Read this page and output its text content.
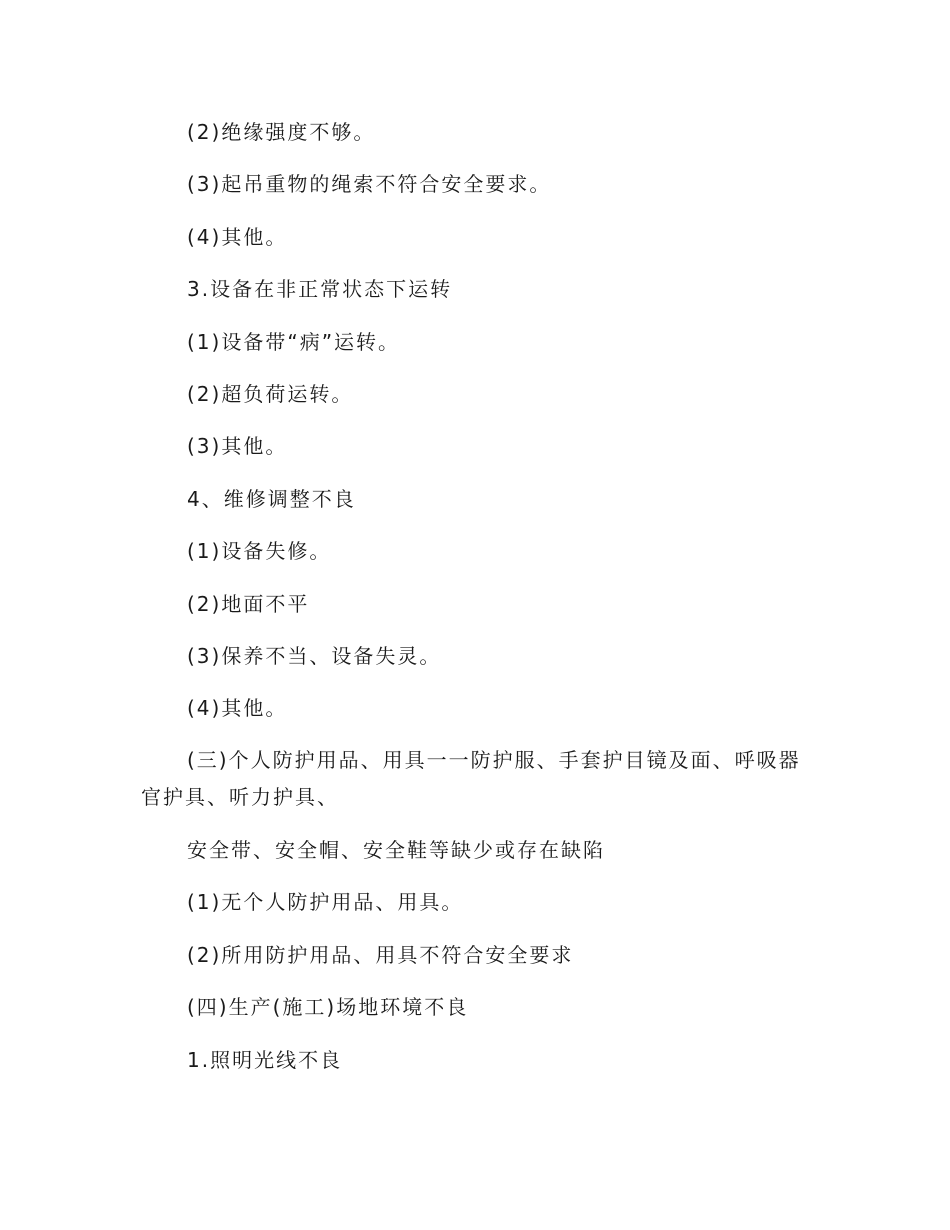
(2)绝缘强度不够。

(3)起吊重物的绳索不符合安全要求。

(4)其他。

3.设备在非正常状态下运转

(1)设备带“病”运转。

(2)超负荷运转。

(3)其他。

4、维修调整不良

(1)设备失修。

(2)地面不平

(3)保养不当、设备失灵。

(4)其他。

(三)个人防护用品、用具一一防护服、手套护目镜及面、呼吸器官护具、听力护具、

安全带、安全帽、安全鞋等缺少或存在缺陷

(1)无个人防护用品、用具。

(2)所用防护用品、用具不符合安全要求

(四)生产(施工)场地环境不良

1.照明光线不良
